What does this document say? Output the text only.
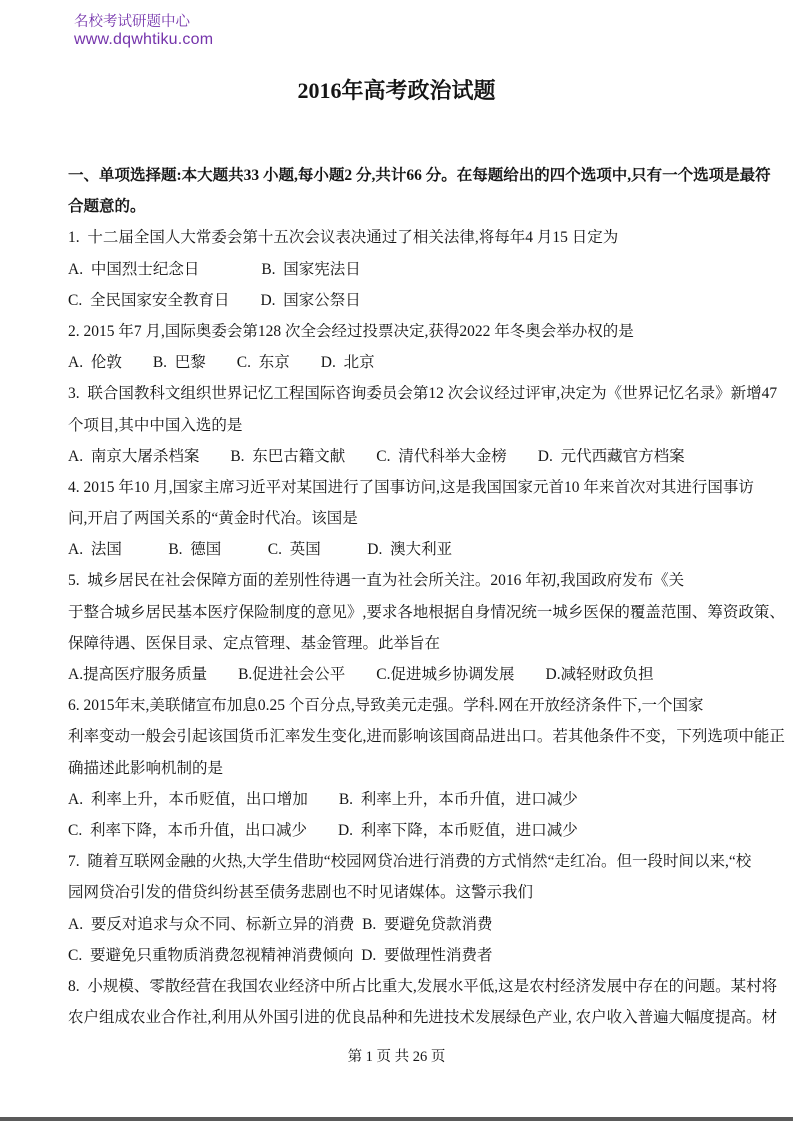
名校考试研题中心
www.dqwhtiku.com
2016年高考政治试题
一、单项选择题:本大题共33 小题,每小题2 分,共计66 分。在每题给出的四个选项中,只有一个选项是最符
合题意的。
1.  十二届全国人大常委会第十五次会议表决通过了相关法律,将每年4 月15 日定为
A.  中国烈士纪念日　　　　B.  国家宪法日
C.  全民国家安全教育日　　D.  国家公祭日
2. 2015 年7 月,国际奥委会第128 次全会经过投票决定,获得2022 年冬奥会举办权的是
A.  伦敦　　B.  巴黎　　C.  东京　　D.  北京
3.  联合国教科文组织世界记忆工程国际咨询委员会第12 次会议经过评审,决定为《世界记忆名录》新增47
个项目,其中中国入选的是
A.  南京大屠杀档案　　B.  东巴古籍文献　　C.  清代科举大金榜　　D.  元代西藏官方档案
4. 2015 年10 月,国家主席习近平对某国进行了国事访问,这是我国国家元首10 年来首次对其进行国事访
问,开启了两国关系的“黄金时代冶。该国是
A.  法国　　　B.  德国　　　C.  英国　　　D.  澳大利亚
5.  城乡居民在社会保障方面的差别性待遇一直为社会所关注。2016 年初,我国政府发布《关
于整合城乡居民基本医疗保险制度的意见》,要求各地根据自身情况统一城乡医保的覆盖范围、筹资政策、
保障待遇、医保目录、定点管理、基金管理。此举旨在
A.提高医疗服务质量　　B.促进社会公平　　C.促进城乡协调发展　　D.减轻财政负担
6. 2015年末,美联储宣布加息0.25 个百分点,导致美元走强。学科.网在开放经济条件下,一个国家
利率变动一般会引起该国货币汇率发生变化,进而影响该国商品进出口。若其他条件不变，下列选项中能正
确描述此影响机制的是
A.  利率上升，本币贬值，出口增加　　B.  利率上升，本币升值，进口减少
C.  利率下降，本币升值，出口减少　　D.  利率下降，本币贬值，进口减少
7.  随着互联网金融的火热,大学生借助“校园网贷冶进行消费的方式悄然“走红冶。但一段时间以来,“校
园网贷冶引发的借贷纠纷甚至债务悲剧也不时见诸媒体。这警示我们
A.  要反对追求与众不同、标新立异的消费  B.  要避免贷款消费
C.  要避免只重物质消费忽视精神消费倾向  D.  要做理性消费者
8.  小规模、零散经营在我国农业经济中所占比重大,发展水平低,这是农村经济发展中存在的问题。某村将
农户组成农业合作社,利用从外国引进的优良品种和先进技术发展绿色产业, 农户收入普遍大幅度提高。材
第 1 页 共 26 页
